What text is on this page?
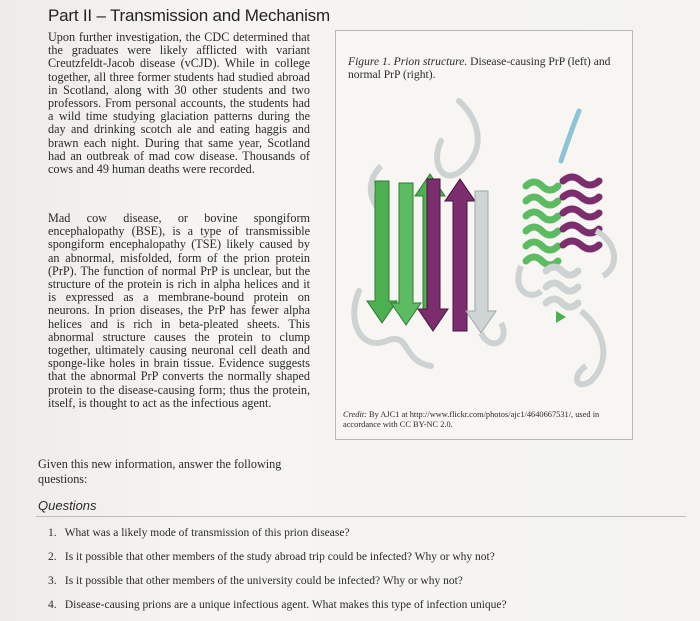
Part II – Transmission and Mechanism
Upon further investigation, the CDC determined that the graduates were likely afflicted with variant Creutzfeldt-Jacob disease (vCJD). While in college together, all three former students had studied abroad in Scotland, along with 30 other students and two professors. From personal accounts, the students had a wild time studying glaciation patterns during the day and drinking scotch ale and eating haggis and brawn each night. During that same year, Scotland had an outbreak of mad cow disease. Thousands of cows and 49 human deaths were recorded.
Mad cow disease, or bovine spongiform encephalopathy (BSE), is a type of transmissible spongiform encephalopathy (TSE) likely caused by an abnormal, misfolded, form of the prion protein (PrP). The function of normal PrP is unclear, but the structure of the protein is rich in alpha helices and it is expressed as a membrane-bound protein on neurons. In prion diseases, the PrP has fewer alpha helices and is rich in beta-pleated sheets. This abnormal structure causes the protein to clump together, ultimately causing neuronal cell death and sponge-like holes in brain tissue. Evidence suggests that the abnormal PrP converts the normally shaped protein to the disease-causing form; thus the protein, itself, is thought to act as the infectious agent.
Given this new information, answer the following questions:
Figure 1. Prion structure. Disease-causing PrP (left) and normal PrP (right).
Credit: By AJC1 at http://www.flickr.com/photos/ajc1/4640667531/, used in accordance with CC BY-NC 2.0.
Questions
1. What was a likely mode of transmission of this prion disease?
2. Is it possible that other members of the study abroad trip could be infected? Why or why not?
3. Is it possible that other members of the university could be infected? Why or why not?
4. Disease-causing prions are a unique infectious agent. What makes this type of infection unique?
